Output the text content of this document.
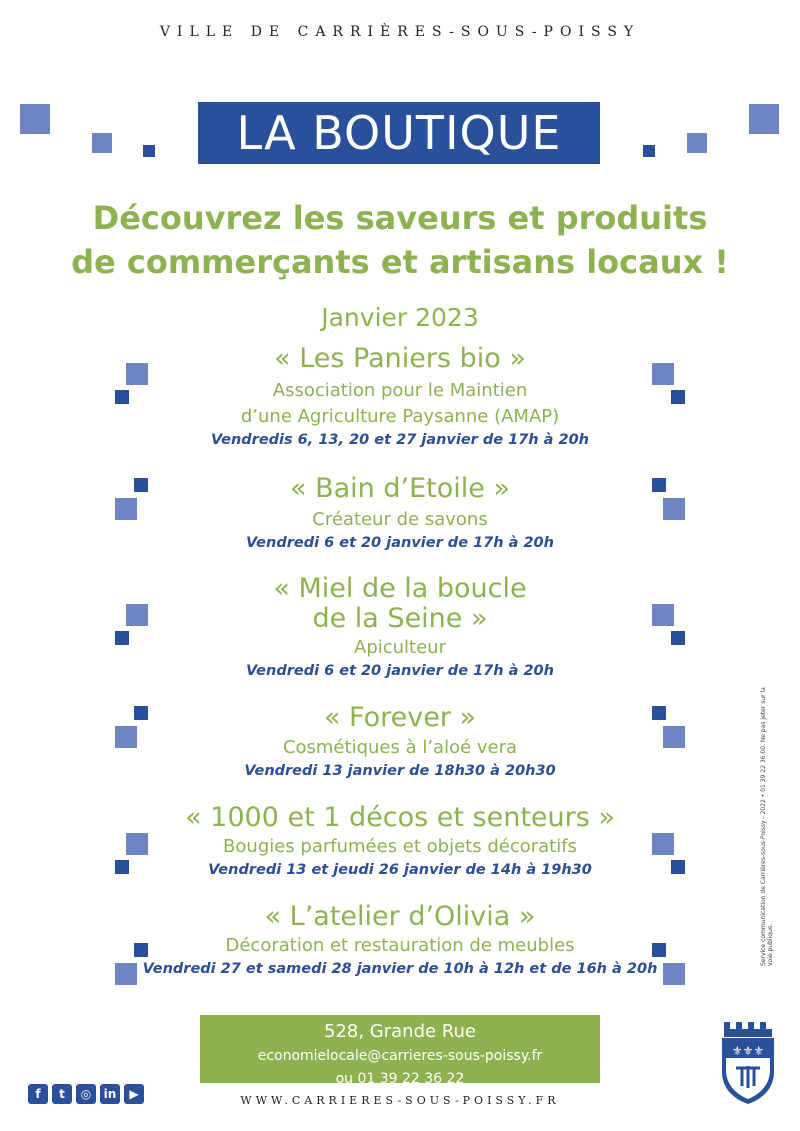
VILLE DE CARRIÈRES-SOUS-POISSY
LA BOUTIQUE
Découvrez les saveurs et produits
de commerçants et artisans locaux !
Janvier 2023
« Les Paniers bio »
Association pour le Maintien
d’une Agriculture Paysanne (AMAP)
Vendredis 6, 13, 20 et 27 janvier de 17h à 20h
« Bain d’Etoile »
Créateur de savons
Vendredi 6 et 20 janvier de 17h à 20h
« Miel de la boucle
de la Seine »
Apiculteur
Vendredi 6 et 20 janvier de 17h à 20h
« Forever »
Cosmétiques à l’aloé vera
Vendredi 13 janvier de 18h30 à 20h30
« 1000 et 1 décos et senteurs »
Bougies parfumées et objets décoratifs
Vendredi 13 et jeudi 26 janvier de 14h à 19h30
« L’atelier d’Olivia »
Décoration et restauration de meubles
Vendredi 27 et samedi 28 janvier de 10h à 12h et de 16h à 20h
Service communication de Carrières-sous-Poissy - 2022 • 01 39 22 36 00. Ne pas jeter sur la voie publique.
528, Grande Rue
economielocale@carrieres-sous-poissy.fr
ou 01 39 22 36 22
f	t	◎	in	▶	WWW.CARRIERES-SOUS-POISSY.FR
⚜⚜⚜
